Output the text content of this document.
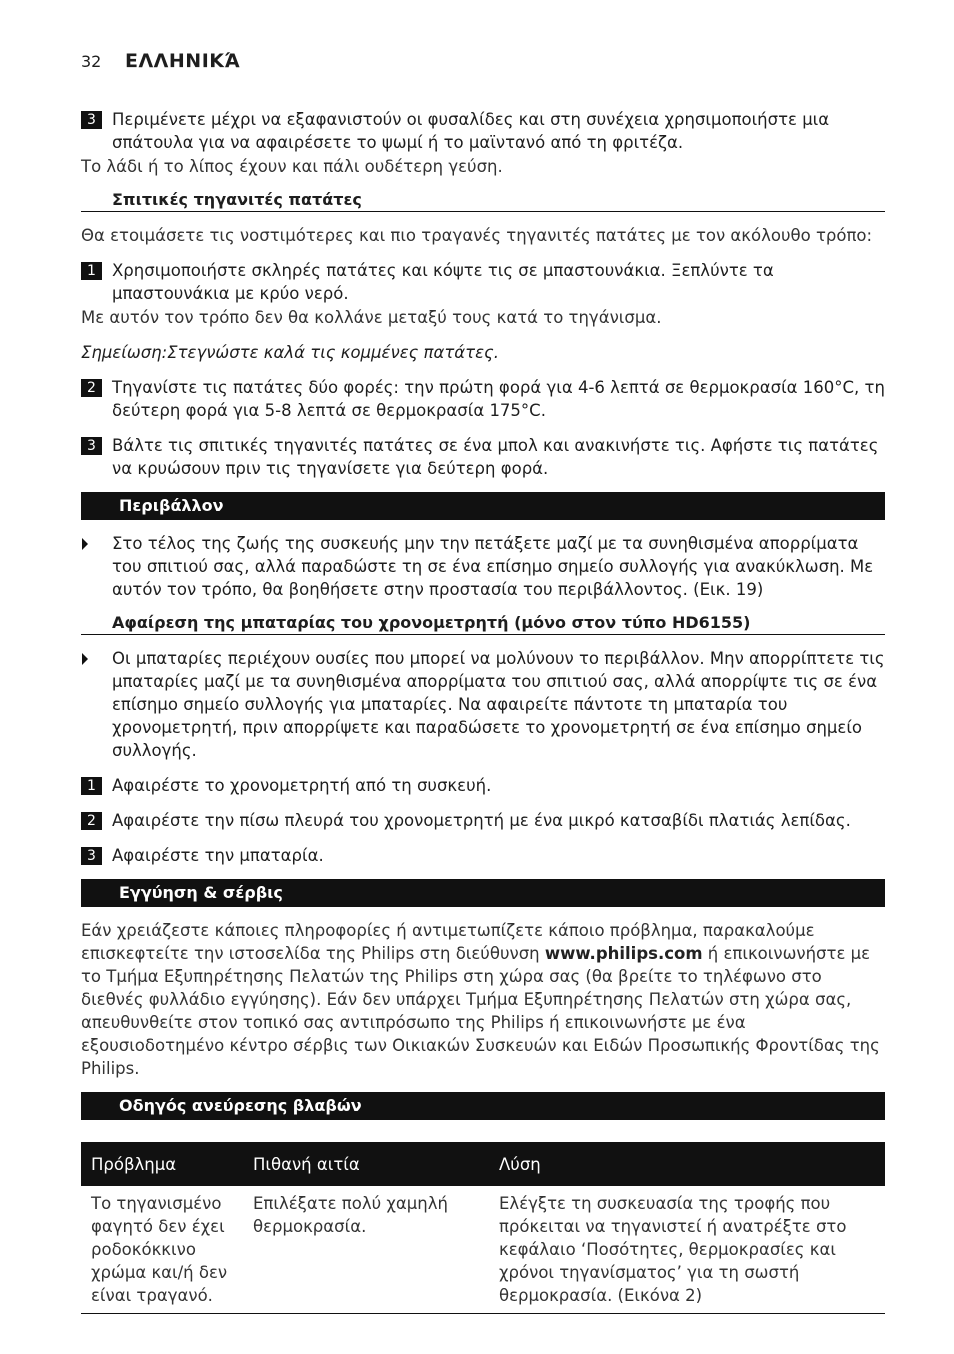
32	ΕΛΛΗΝΙΚΆ
3 Περιμένετε μέχρι να εξαφανιστούν οι φυσαλίδες και στη συνέχεια χρησιμοποιήστε μια σπάτουλα για να αφαιρέσετε το ψωμί ή το μαϊντανό από τη φριτέζα.
Το λάδι ή το λίπος έχουν και πάλι ουδέτερη γεύση.
Σπιτικές τηγανιτές πατάτες
Θα ετοιμάσετε τις νοστιμότερες και πιο τραγανές τηγανιτές πατάτες με τον ακόλουθο τρόπο:
1 Χρησιμοποιήστε σκληρές πατάτες και κόψτε τις σε μπαστουνάκια. Ξεπλύντε τα μπαστουνάκια με κρύο νερό.
Με αυτόν τον τρόπο δεν θα κολλάνε μεταξύ τους κατά το τηγάνισμα.
Σημείωση:Στεγνώστε καλά τις κομμένες πατάτες.
2 Τηγανίστε τις πατάτες δύο φορές: την πρώτη φορά για 4-6 λεπτά σε θερμοκρασία 160°C, τη δεύτερη φορά για 5-8 λεπτά σε θερμοκρασία 175°C.
3 Βάλτε τις σπιτικές τηγανιτές πατάτες σε ένα μπολ και ανακινήστε τις. Αφήστε τις πατάτες να κρυώσουν πριν τις τηγανίσετε για δεύτερη φορά.
Περιβάλλον
Στο τέλος της ζωής της συσκευής μην την πετάξετε μαζί με τα συνηθισμένα απορρίματα του σπιτιού σας, αλλά παραδώστε τη σε ένα επίσημο σημείο συλλογής για ανακύκλωση. Με αυτόν τον τρόπο, θα βοηθήσετε στην προστασία του περιβάλλοντος. (Εικ. 19)
Αφαίρεση της μπαταρίας του χρονομετρητή (μόνο στον τύπο HD6155)
Οι μπαταρίες περιέχουν ουσίες που μπορεί να μολύνουν το περιβάλλον. Μην απορρίπτετε τις μπαταρίες μαζί με τα συνηθισμένα απορρίματα του σπιτιού σας, αλλά απορρίψτε τις σε ένα επίσημο σημείο συλλογής για μπαταρίες. Να αφαιρείτε πάντοτε τη μπαταρία του χρονομετρητή, πριν απορρίψετε και παραδώσετε το χρονομετρητή σε ένα επίσημο σημείο συλλογής.
1 Αφαιρέστε το χρονομετρητή από τη συσκευή.
2 Αφαιρέστε την πίσω πλευρά του χρονομετρητή με ένα μικρό κατσαβίδι πλατιάς λεπίδας.
3 Αφαιρέστε την μπαταρία.
Εγγύηση & σέρβις
Εάν χρειάζεστε κάποιες πληροφορίες ή αντιμετωπίζετε κάποιο πρόβλημα, παρακαλούμε επισκεφτείτε την ιστοσελίδα της Philips στη διεύθυνση www.philips.com ή επικοινωνήστε με το Τμήμα Εξυπηρέτησης Πελατών της Philips στη χώρα σας (θα βρείτε το τηλέφωνο στο διεθνές φυλλάδιο εγγύησης). Εάν δεν υπάρχει Τμήμα Εξυπηρέτησης Πελατών στη χώρα σας, απευθυνθείτε στον τοπικό σας αντιπρόσωπο της Philips ή επικοινωνήστε με ένα εξουσιοδοτημένο κέντρο σέρβις των Οικιακών Συσκευών και Ειδών Προσωπικής Φροντίδας της Philips.
Οδηγός ανεύρεσης βλαβών
Πρόβλημα	Πιθανή αιτία	Λύση
Το τηγανισμένο φαγητό δεν έχει ροδοκόκκινο χρώμα και/ή δεν είναι τραγανό.	Επιλέξατε πολύ χαμηλή θερμοκρασία.	Ελέγξτε τη συσκευασία της τροφής που πρόκειται να τηγανιστεί ή ανατρέξτε στο κεφάλαιο ‘Ποσότητες, θερμοκρασίες και χρόνοι τηγανίσματος’ για τη σωστή θερμοκρασία. (Εικόνα 2)
